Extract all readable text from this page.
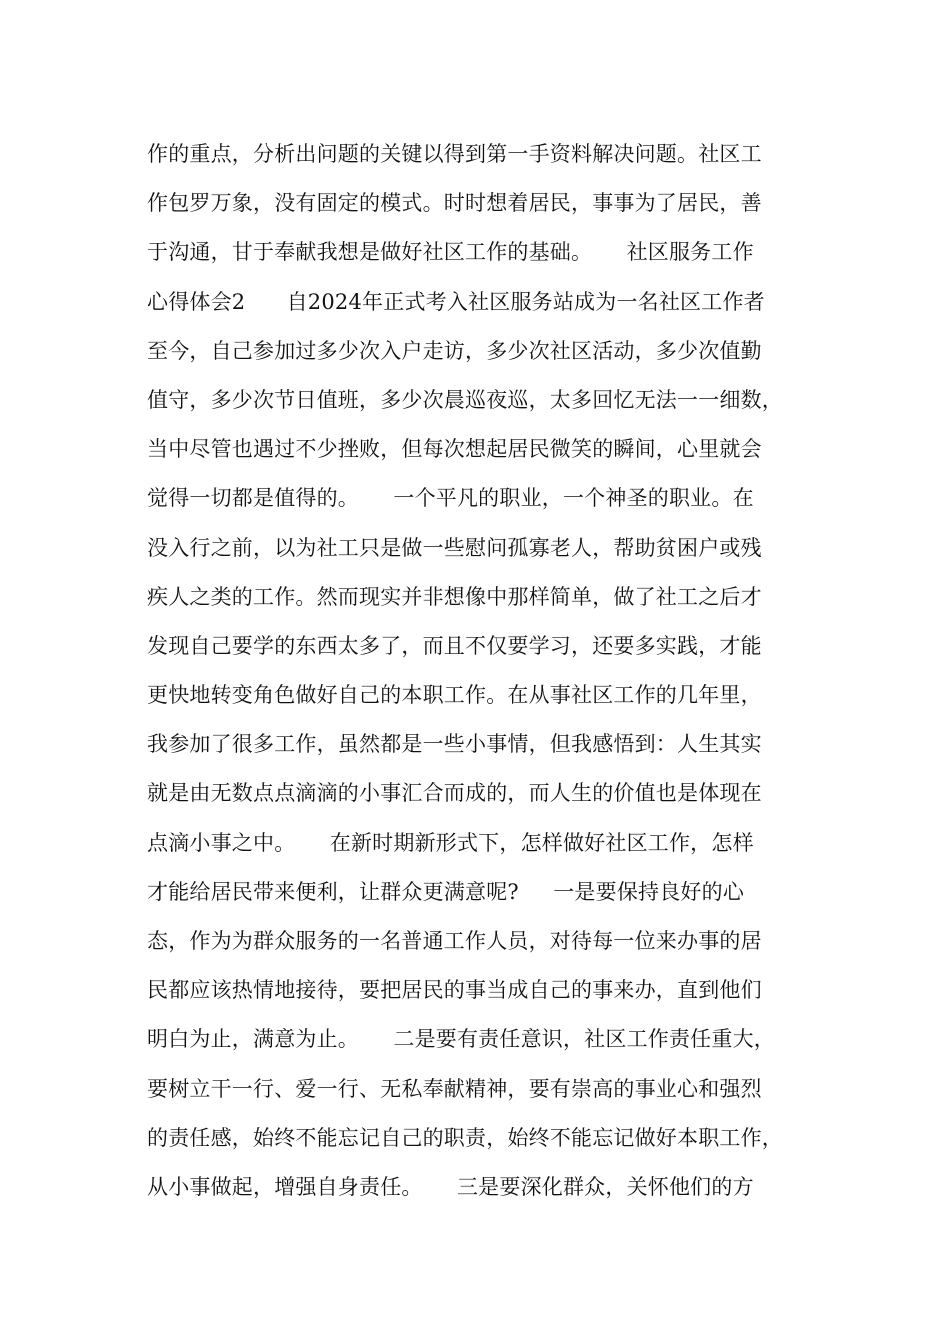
作的重点，分析出问题的关键以得到第一手资料解决问题。社区工
作包罗万象，没有固定的模式。时时想着居民，事事为了居民，善
于沟通，甘于奉献我想是做好社区工作的基础。     社区服务工作
心得体会2      自2024年正式考入社区服务站成为一名社区工作者
至今，自己参加过多少次入户走访，多少次社区活动，多少次值勤
值守，多少次节日值班，多少次晨巡夜巡，太多回忆无法一一细数，
当中尽管也遇过不少挫败，但每次想起居民微笑的瞬间，心里就会
觉得一切都是值得的。     一个平凡的职业，一个神圣的职业。在
没入行之前，以为社工只是做一些慰问孤寡老人，帮助贫困户或残
疾人之类的工作。然而现实并非想像中那样简单，做了社工之后才
发现自己要学的东西太多了，而且不仅要学习，还要多实践，才能
更快地转变角色做好自己的本职工作。在从事社区工作的几年里，
我参加了很多工作，虽然都是一些小事情，但我感悟到：人生其实
就是由无数点点滴滴的小事汇合而成的，而人生的价值也是体现在
点滴小事之中。     在新时期新形式下，怎样做好社区工作，怎样
才能给居民带来便利，让群众更满意呢?     一是要保持良好的心
态，作为为群众服务的一名普通工作人员，对待每一位来办事的居
民都应该热情地接待，要把居民的事当成自己的事来办，直到他们
明白为止，满意为止。     二是要有责任意识，社区工作责任重大，
要树立干一行、爱一行、无私奉献精神，要有崇高的事业心和强烈
的责任感，始终不能忘记自己的职责，始终不能忘记做好本职工作，
从小事做起，增强自身责任。     三是要深化群众，关怀他们的方
